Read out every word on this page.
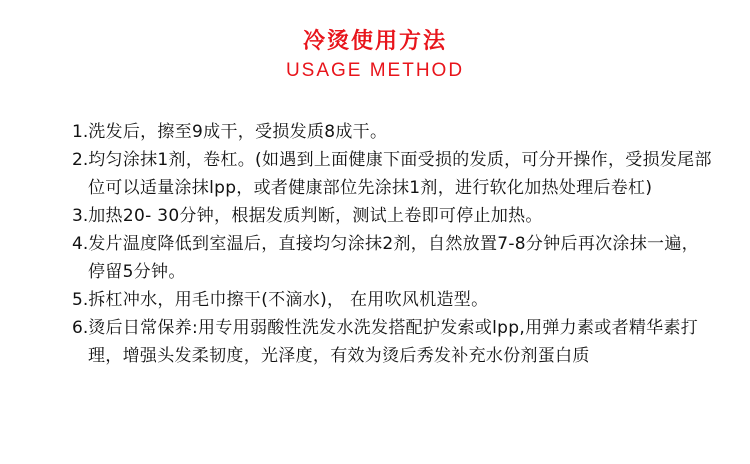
冷烫使用方法
USAGE METHOD
1.洗发后，擦至9成干，受损发质8成干。
2.均匀涂抹1剂，卷杠。(如遇到上面健康下面受损的发质，可分开操作，受损发尾部位可以适量涂抹lpp，或者健康部位先涂抹1剂，进行软化加热处理后卷杠)
3.加热20- 30分钟，根据发质判断，测试上卷即可停止加热。
4.发片温度降低到室温后，直接均匀涂抹2剂，自然放置7-8分钟后再次涂抹一遍，停留5分钟。
5.拆杠冲水，用毛巾擦干(不滴水)， 在用吹风机造型。
6.烫后日常保养:用专用弱酸性洗发水洗发搭配护发索或lpp,用弹力素或者精华素打理，增强头发柔韧度，光泽度，有效为烫后秀发补充水份剂蛋白质
